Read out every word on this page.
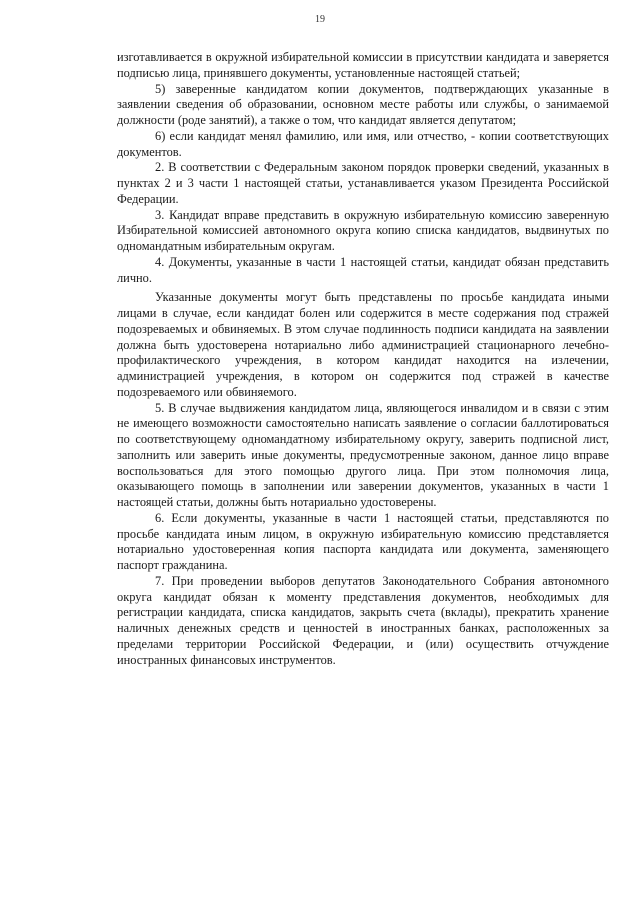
19

изготавливается в окружной избирательной комиссии в присутствии кандидата и заверяется подписью лица, принявшего документы, установленные настоящей статьей;

5) заверенные кандидатом копии документов, подтверждающих указанные в заявлении сведения об образовании, основном месте работы или службы, о занимаемой должности (роде занятий), а также о том, что кандидат является депутатом;

6) если кандидат менял фамилию, или имя, или отчество, - копии соответствующих документов.

2. В соответствии с Федеральным законом порядок проверки сведений, указанных в пунктах 2 и 3 части 1 настоящей статьи, устанавливается указом Президента Российской Федерации.

3. Кандидат вправе представить в окружную избирательную комиссию заверенную Избирательной комиссией автономного округа копию списка кандидатов, выдвинутых по одномандатным избирательным округам.

4. Документы, указанные в части 1 настоящей статьи, кандидат обязан представить лично.

Указанные документы могут быть представлены по просьбе кандидата иными лицами в случае, если кандидат болен или содержится в месте содержания под стражей подозреваемых и обвиняемых. В этом случае подлинность подписи кандидата на заявлении должна быть удостоверена нотариально либо администрацией стационарного лечебно-профилактического учреждения, в котором кандидат находится на излечении, администрацией учреждения, в котором он содержится под стражей в качестве подозреваемого или обвиняемого.

5. В случае выдвижения кандидатом лица, являющегося инвалидом и в связи с этим не имеющего возможности самостоятельно написать заявление о согласии баллотироваться по соответствующему одномандатному избирательному округу, заверить подписной лист, заполнить или заверить иные документы, предусмотренные законом, данное лицо вправе воспользоваться для этого помощью другого лица. При этом полномочия лица, оказывающего помощь в заполнении или заверении документов, указанных в части 1 настоящей статьи, должны быть нотариально удостоверены.

6. Если документы, указанные в части 1 настоящей статьи, представляются по просьбе кандидата иным лицом, в окружную избирательную комиссию представляется нотариально удостоверенная копия паспорта кандидата или документа, заменяющего паспорт гражданина.

7. При проведении выборов депутатов Законодательного Собрания автономного округа кандидат обязан к моменту представления документов, необходимых для регистрации кандидата, списка кандидатов, закрыть счета (вклады), прекратить хранение наличных денежных средств и ценностей в иностранных банках, расположенных за пределами территории Российской Федерации, и (или) осуществить отчуждение иностранных финансовых инструментов.
